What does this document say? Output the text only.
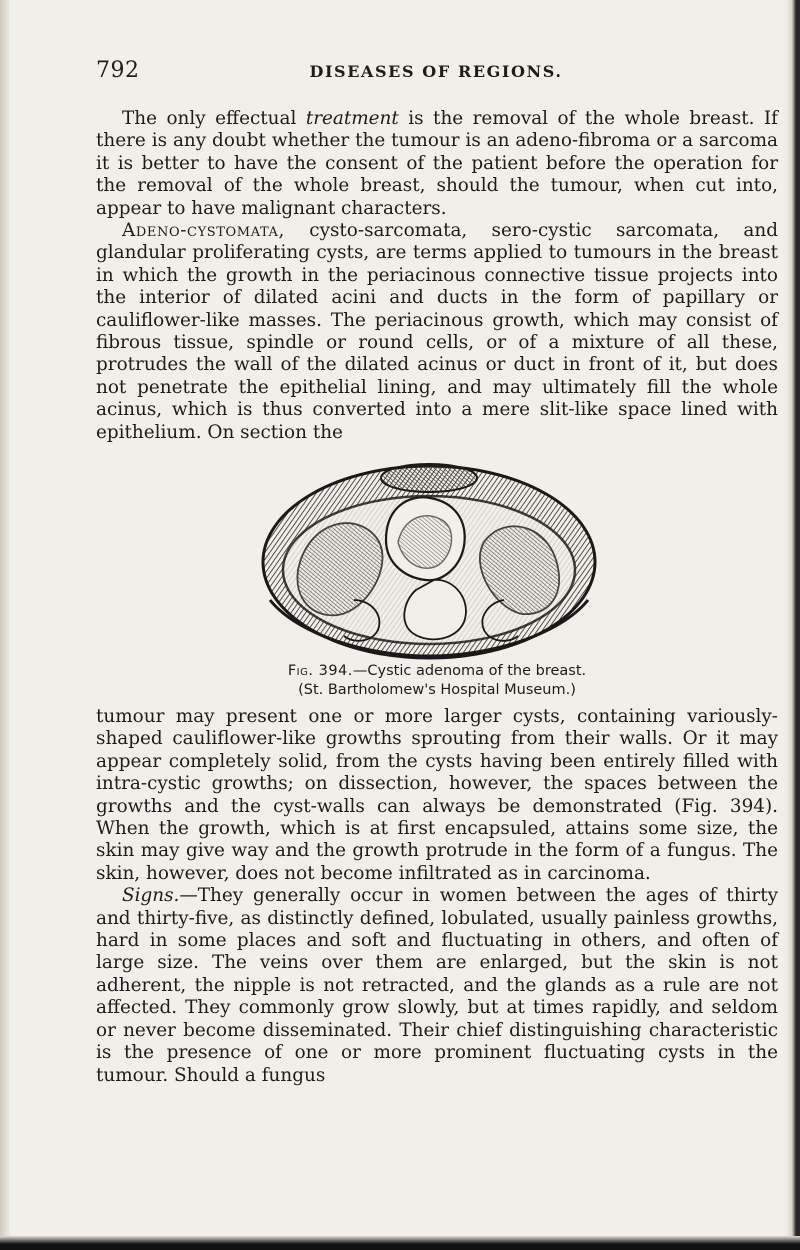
792	DISEASES OF REGIONS.

The only effectual treatment is the removal of the whole breast. If there is any doubt whether the tumour is an adeno-fibroma or a sarcoma it is better to have the consent of the patient before the operation for the removal of the whole breast, should the tumour, when cut into, appear to have malignant characters.

Adeno-cystomata, cysto-sarcomata, sero-cystic sarcomata, and glandular proliferating cysts, are terms applied to tumours in the breast in which the growth in the periacinous connective tissue projects into the interior of dilated acini and ducts in the form of papillary or cauliflower-like masses. The periacinous growth, which may consist of fibrous tissue, spindle or round cells, or of a mixture of all these, protrudes the wall of the dilated acinus or duct in front of it, but does not penetrate the epithelial lining, and may ultimately fill the whole acinus, which is thus converted into a mere slit-like space lined with epithelium. On section the

Fig. 394.—Cystic adenoma of the breast.
(St. Bartholomew's Hospital Museum.)

tumour may present one or more larger cysts, containing variously-shaped cauliflower-like growths sprouting from their walls. Or it may appear completely solid, from the cysts having been entirely filled with intra-cystic growths; on dissection, however, the spaces between the growths and the cyst-walls can always be demonstrated (Fig. 394). When the growth, which is at first encapsuled, attains some size, the skin may give way and the growth protrude in the form of a fungus. The skin, however, does not become infiltrated as in carcinoma.

Signs.—They generally occur in women between the ages of thirty and thirty-five, as distinctly defined, lobulated, usually painless growths, hard in some places and soft and fluctuating in others, and often of large size. The veins over them are enlarged, but the skin is not adherent, the nipple is not retracted, and the glands as a rule are not affected. They commonly grow slowly, but at times rapidly, and seldom or never become disseminated. Their chief distinguishing characteristic is the presence of one or more prominent fluctuating cysts in the tumour. Should a fungus
